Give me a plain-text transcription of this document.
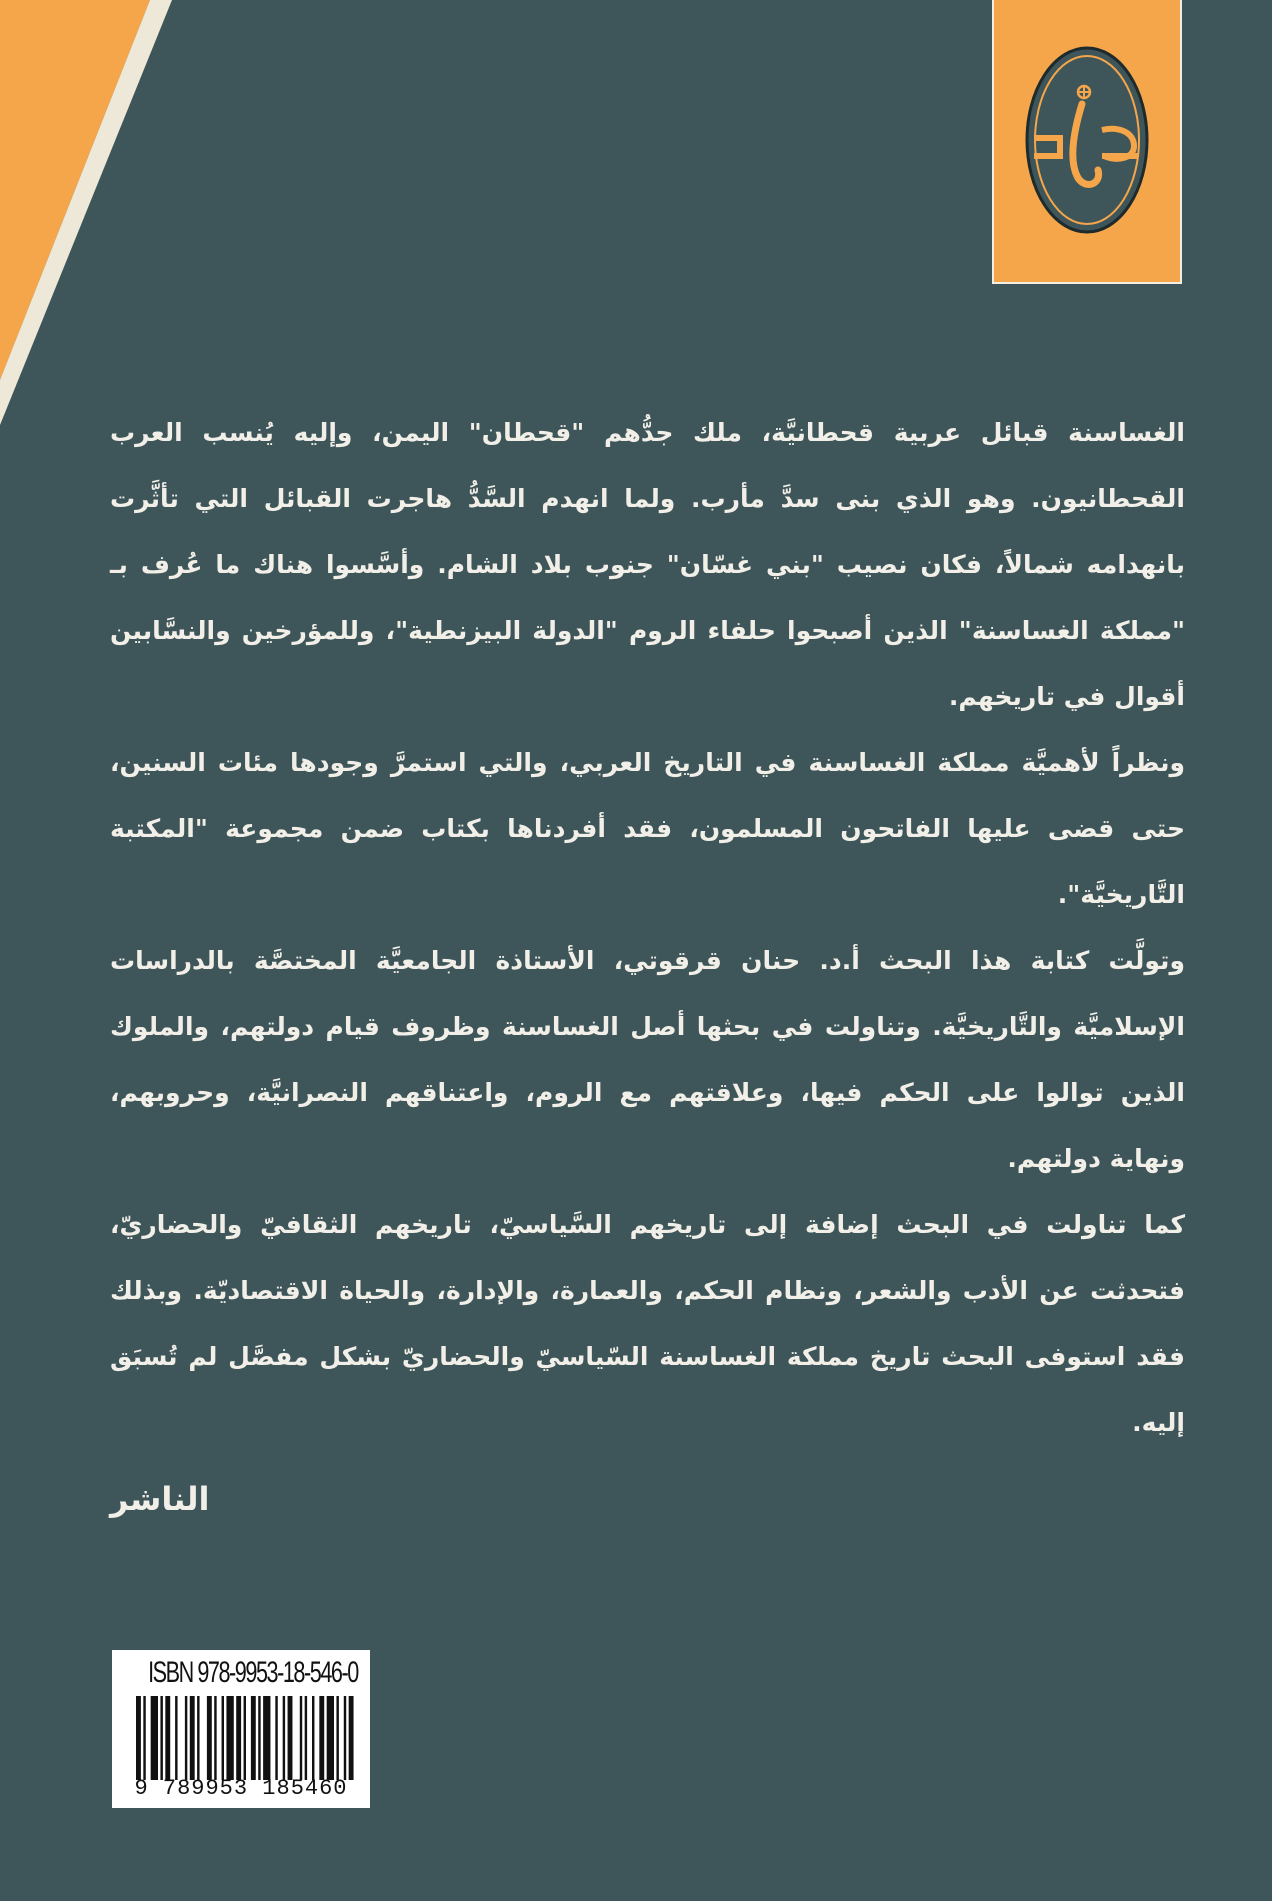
الغساسنة قبائل عربية قحطانيَّة، ملك جدُّهم "قحطان" اليمن، وإليه يُنسب العرب القحطانيون. وهو الذي بنى سدَّ مأرب. ولما انهدم السَّدُّ هاجرت القبائل التي تأثَّرت بانهدامه شمالاً، فكان نصيب "بني غسّان" جنوب بلاد الشام. وأسَّسوا هناك ما عُرف بـ "مملكة الغساسنة" الذين أصبحوا حلفاء الروم "الدولة البيزنطية"، وللمؤرخين والنسَّابين أقوال في تاريخهم.

ونظراً لأهميَّة مملكة الغساسنة في التاريخ العربي، والتي استمرَّ وجودها مئات السنين، حتى قضى عليها الفاتحون المسلمون، فقد أفردناها بكتاب ضمن مجموعة "المكتبة التَّاريخيَّة".

وتولَّت كتابة هذا البحث أ.د. حنان قرقوتي، الأستاذة الجامعيَّة المختصَّة بالدراسات الإسلاميَّة والتَّاريخيَّة. وتناولت في بحثها أصل الغساسنة وظروف قيام دولتهم، والملوك الذين توالوا على الحكم فيها، وعلاقتهم مع الروم، واعتناقهم النصرانيَّة، وحروبهم، ونهاية دولتهم.

كما تناولت في البحث إضافة إلى تاريخهم السَّياسيّ، تاريخهم الثقافيّ والحضاريّ، فتحدثت عن الأدب والشعر، ونظام الحكم، والعمارة، والإدارة، والحياة الاقتصاديّة. وبذلك فقد استوفى البحث تاريخ مملكة الغساسنة السّياسيّ والحضاريّ بشكل مفصَّل لم تُسبَق إليه.

الناشر
ISBN 978-9953-18-546-0
9 789953 185460
